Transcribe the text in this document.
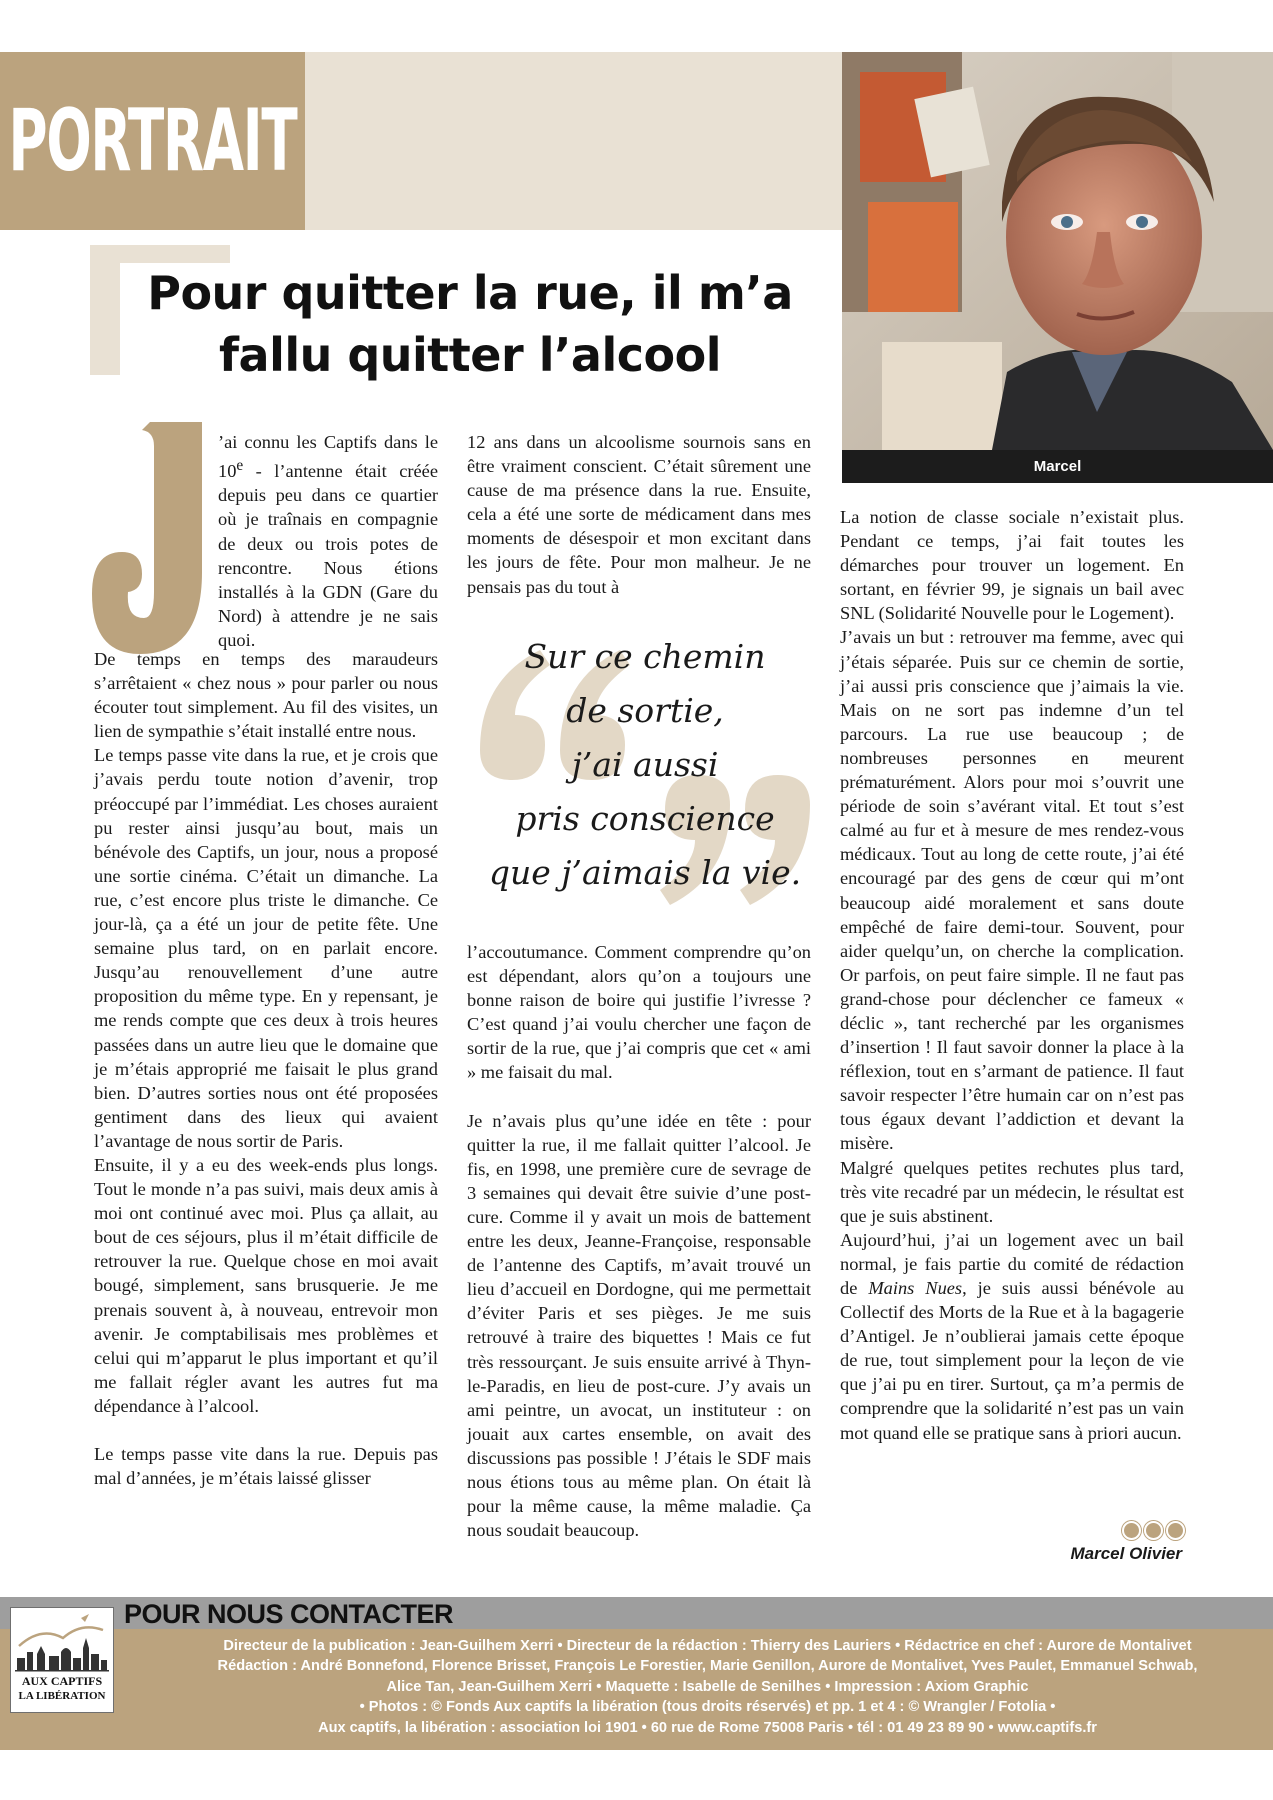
PORTRAIT
Marcel
Pour quitter la rue, il m’a
fallu quitter l’alcool

’ai connu les Captifs dans le 10e - l’antenne était créée depuis peu dans ce quartier où je traînais en compagnie de deux ou trois potes de rencontre. Nous étions installés à la GDN (Gare du Nord) à attendre je ne sais quoi.

De temps en temps des maraudeurs s’arrêtaient « chez nous » pour parler ou nous écouter tout simplement. Au fil des visites, un lien de sympathie s’était installé entre nous.

Le temps passe vite dans la rue, et je crois que j’avais perdu toute notion d’avenir, trop préoccupé par l’immédiat. Les choses auraient pu rester ainsi jusqu’au bout, mais un bénévole des Captifs, un jour, nous a proposé une sortie cinéma. C’était un dimanche. La rue, c’est encore plus triste le dimanche. Ce jour-là, ça a été un jour de petite fête. Une semaine plus tard, on en parlait encore. Jusqu’au renouvellement d’une autre proposition du même type. En y repensant, je me rends compte que ces deux à trois heures passées dans un autre lieu que le domaine que je m’étais approprié me faisait le plus grand bien. D’autres sorties nous ont été proposées gentiment dans des lieux qui avaient l’avantage de nous sortir de Paris.

Ensuite, il y a eu des week-ends plus longs. Tout le monde n’a pas suivi, mais deux amis à moi ont continué avec moi. Plus ça allait, au bout de ces séjours, plus il m’était difficile de retrouver la rue. Quelque chose en moi avait bougé, simplement, sans brusquerie. Je me prenais souvent à, à nouveau, entrevoir mon avenir. Je comptabilisais mes problèmes et celui qui m’apparut le plus important et qu’il me fallait régler avant les autres fut ma dépendance à l’alcool.

Le temps passe vite dans la rue. Depuis pas mal d’années, je m’étais laissé glisser

12 ans dans un alcoolisme sournois sans en être vraiment conscient. C’était sûrement une cause de ma présence dans la rue. Ensuite, cela a été une sorte de médicament dans mes moments de désespoir et mon excitant dans les jours de fête. Pour mon malheur. Je ne pensais pas du tout à

Sur ce chemin
de sortie,
j’ai aussi
pris conscience
que j’aimais la vie.

l’accoutumance. Comment comprendre qu’on est dépendant, alors qu’on a toujours une bonne raison de boire qui justifie l’ivresse ? C’est quand j’ai voulu chercher une façon de sortir de la rue, que j’ai compris que cet « ami » me faisait du mal.

Je n’avais plus qu’une idée en tête : pour quitter la rue, il me fallait quitter l’alcool. Je fis, en 1998, une première cure de sevrage de 3 semaines qui devait être suivie d’une post-cure. Comme il y avait un mois de battement entre les deux, Jeanne-Françoise, responsable de l’antenne des Captifs, m’avait trouvé un lieu d’accueil en Dordogne, qui me permettait d’éviter Paris et ses pièges. Je me suis retrouvé à traire des biquettes ! Mais ce fut très ressourçant. Je suis ensuite arrivé à Thyn-le-Paradis, en lieu de post-cure. J’y avais un ami peintre, un avocat, un instituteur : on jouait aux cartes ensemble, on avait des discussions pas possible ! J’étais le SDF mais nous étions tous au même plan. On était là pour la même cause, la même maladie. Ça nous soudait beaucoup.

La notion de classe sociale n’existait plus. Pendant ce temps, j’ai fait toutes les démarches pour trouver un logement. En sortant, en février 99, je signais un bail avec SNL (Solidarité Nouvelle pour le Logement).

J’avais un but : retrouver ma femme, avec qui j’étais séparée. Puis sur ce chemin de sortie, j’ai aussi pris conscience que j’aimais la vie. Mais on ne sort pas indemne d’un tel parcours. La rue use beaucoup ; de nombreuses personnes en meurent prématurément. Alors pour moi s’ouvrit une période de soin s’avérant vital. Et tout s’est calmé au fur et à mesure de mes rendez-vous médicaux. Tout au long de cette route, j’ai été encouragé par des gens de cœur qui m’ont beaucoup aidé moralement et sans doute empêché de faire demi-tour. Souvent, pour aider quelqu’un, on cherche la complication. Or parfois, on peut faire simple. Il ne faut pas grand-chose pour déclencher ce fameux « déclic », tant recherché par les organismes d’insertion ! Il faut savoir donner la place à la réflexion, tout en s’armant de patience. Il faut savoir respecter l’être humain car on n’est pas tous égaux devant l’addiction et devant la misère.

Malgré quelques petites rechutes plus tard, très vite recadré par un médecin, le résultat est que je suis abstinent.

Aujourd’hui, j’ai un logement avec un bail normal, je fais partie du comité de rédaction de Mains Nues, je suis aussi bénévole au Collectif des Morts de la Rue et à la bagagerie d’Antigel. Je n’oublierai jamais cette époque de rue, tout simplement pour la leçon de vie que j’ai pu en tirer. Surtout, ça m’a permis de comprendre que la solidarité n’est pas un vain mot quand elle se pratique sans à priori aucun.

Marcel Olivier
POUR NOUS CONTACTER
AUX CAPTIFS
LA LIBÉRATION
Directeur de la publication : Jean-Guilhem Xerri • Directeur de la rédaction : Thierry des Lauriers • Rédactrice en chef : Aurore de Montalivet
Rédaction : André Bonnefond, Florence Brisset, François Le Forestier, Marie Genillon, Aurore de Montalivet, Yves Paulet, Emmanuel Schwab,
Alice Tan, Jean-Guilhem Xerri • Maquette : Isabelle de Senilhes • Impression : Axiom Graphic
• Photos : © Fonds Aux captifs la libération (tous droits réservés) et pp. 1 et 4 : © Wrangler / Fotolia •
Aux captifs, la libération : association loi 1901 • 60 rue de Rome 75008 Paris • tél : 01 49 23 89 90 • www.captifs.fr
